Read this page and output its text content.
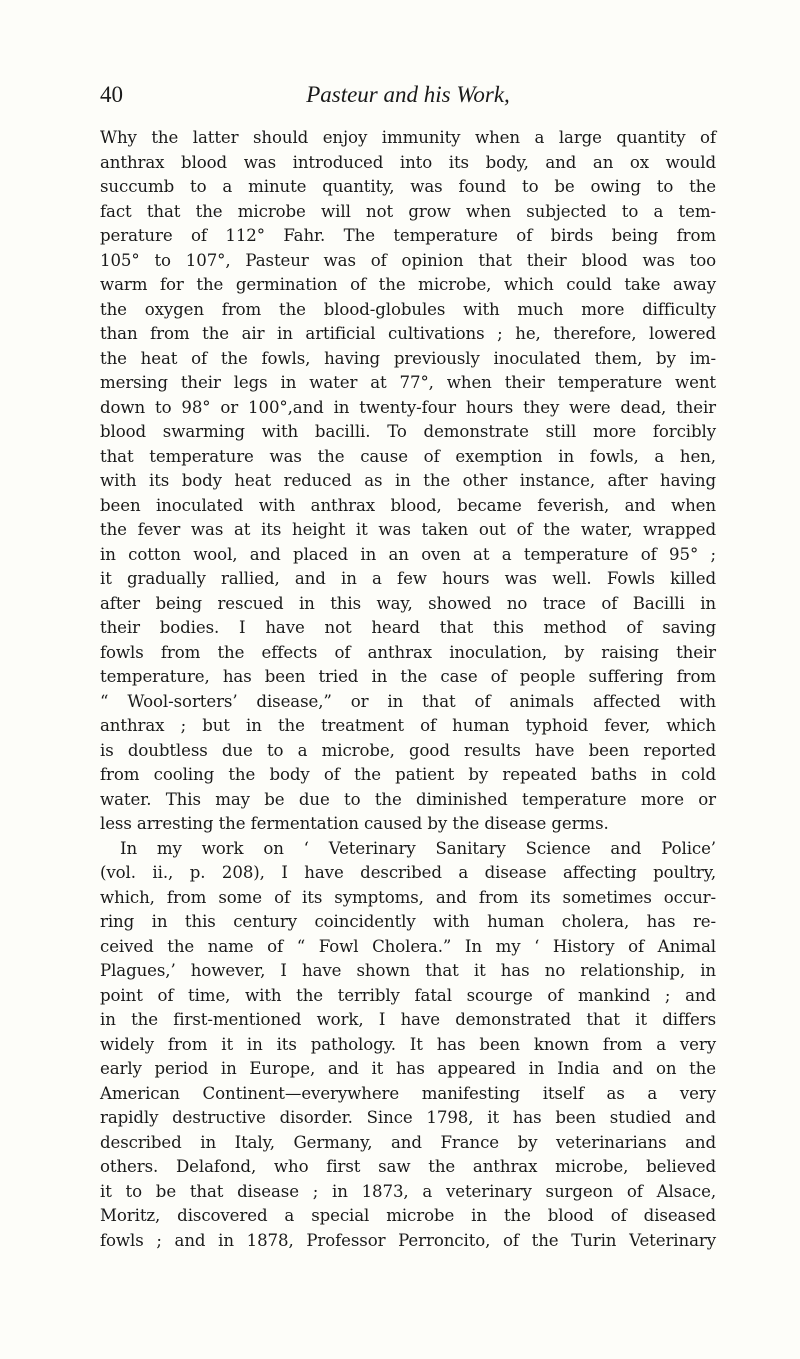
40	Pasteur and his Work,
Why the latter should enjoy immunity when a large quantity of
anthrax blood was introduced into its body, and an ox would
succumb to a minute quantity, was found to be owing to the
fact that the microbe will not grow when subjected to a tem-
perature of 112° Fahr. The temperature of birds being from
105° to 107°, Pasteur was of opinion that their blood was too
warm for the germination of the microbe, which could take away
the oxygen from the blood-globules with much more difficulty
than from the air in artificial cultivations ; he, therefore, lowered
the heat of the fowls, having previously inoculated them, by im-
mersing their legs in water at 77°, when their temperature went
down to 98° or 100°,and in twenty-four hours they were dead, their
blood swarming with bacilli. To demonstrate still more forcibly
that temperature was the cause of exemption in fowls, a hen,
with its body heat reduced as in the other instance, after having
been inoculated with anthrax blood, became feverish, and when
the fever was at its height it was taken out of the water, wrapped
in cotton wool, and placed in an oven at a temperature of 95° ;
it gradually rallied, and in a few hours was well. Fowls killed
after being rescued in this way, showed no trace of Bacilli in
their bodies. I have not heard that this method of saving
fowls from the effects of anthrax inoculation, by raising their
temperature, has been tried in the case of people suffering from
“ Wool-sorters’ disease,” or in that of animals affected with
anthrax ; but in the treatment of human typhoid fever, which
is doubtless due to a microbe, good results have been reported
from cooling the body of the patient by repeated baths in cold
water. This may be due to the diminished temperature more or
less arresting the fermentation caused by the disease germs.
In my work on ‘ Veterinary Sanitary Science and Police’
(vol. ii., p. 208), I have described a disease affecting poultry,
which, from some of its symptoms, and from its sometimes occur-
ring in this century coincidently with human cholera, has re-
ceived the name of “ Fowl Cholera.” In my ‘ History of Animal
Plagues,’ however, I have shown that it has no relationship, in
point of time, with the terribly fatal scourge of mankind ; and
in the first-mentioned work, I have demonstrated that it differs
widely from it in its pathology. It has been known from a very
early period in Europe, and it has appeared in India and on the
American Continent—everywhere manifesting itself as a very
rapidly destructive disorder. Since 1798, it has been studied and
described in Italy, Germany, and France by veterinarians and
others. Delafond, who first saw the anthrax microbe, believed
it to be that disease ; in 1873, a veterinary surgeon of Alsace,
Moritz, discovered a special microbe in the blood of diseased
fowls ; and in 1878, Professor Perroncito, of the Turin Veterinary
